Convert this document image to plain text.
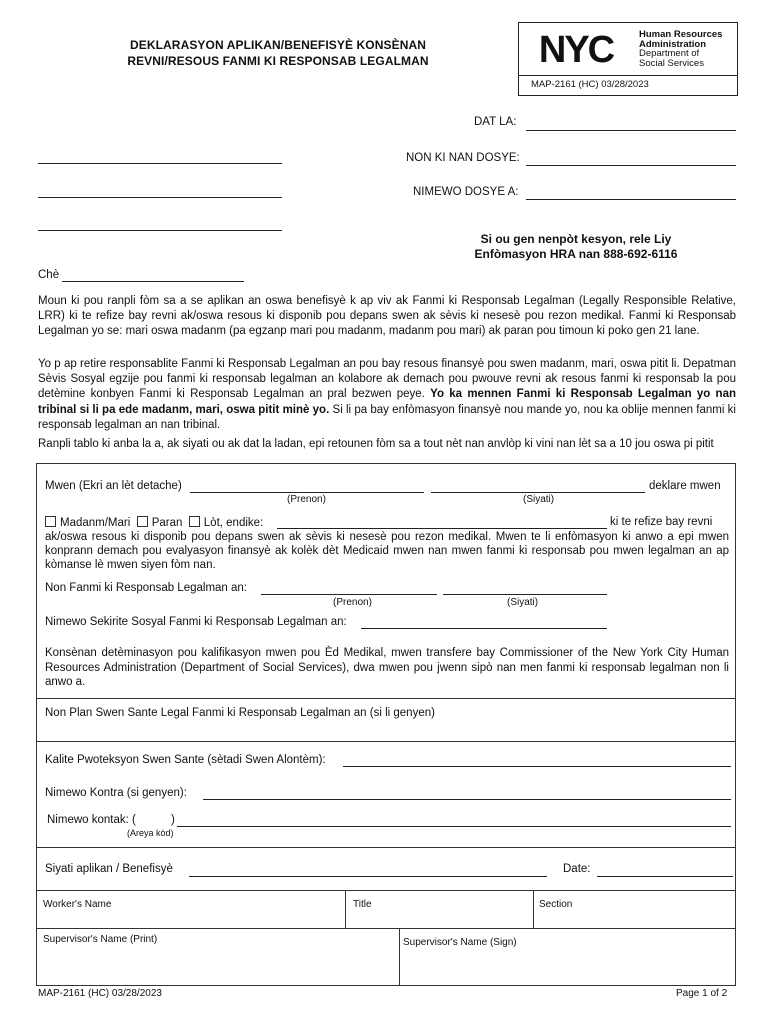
DEKLARASYON APLIKAN/BENEFISYÈ KONSÈNAN
REVNI/RESOUS FANMI KI RESPONSAB LEGALMAN	NYC	Human Resources
Administration
Department of
Social Services
MAP-2161 (HC) 03/28/2023
DAT LA:
NON KI NAN DOSYE:
NIMEWO DOSYE A:
Si ou gen nenpòt kesyon, rele Liy
Enfòmasyon HRA nan 888-692-6116
Chè
Moun ki pou ranpli fòm sa a se aplikan an oswa benefisyè k ap viv ak Fanmi ki Responsab Legalman (Legally Responsible Relative, LRR) ki te refize bay revni ak/oswa resous ki disponib pou depans swen ak sèvis ki nesesè pou rezon medikal. Fanmi ki Responsab Legalman yo se: mari oswa madanm (pa egzanp mari pou madanm, madanm pou mari) ak paran pou timoun ki poko gen 21 lane.
Yo p ap retire responsablite Fanmi ki Responsab Legalman an pou bay resous finansyè pou swen madanm, mari, oswa pitit li. Depatman Sèvis Sosyal egzije pou fanmi ki responsab legalman an kolabore ak demach pou pwouve revni ak resous fanmi ki responsab la pou detèmine konbyen Fanmi ki Responsab Legalman an pral bezwen peye. Yo ka mennen Fanmi ki Responsab Legalman yo nan tribinal si li pa ede madanm, mari, oswa pitit minè yo. Si li pa bay enfòmasyon finansyè nou mande yo, nou ka oblije mennen fanmi ki responsab legalman an nan tribinal.
Ranpli tablo ki anba la a, ak siyati ou ak dat la ladan, epi retounen fòm sa a tout nèt nan anvlòp ki vini nan lèt sa a 10 jou oswa pi pitit
Mwen (Ekri an lèt detache)	deklare mwen
(Prenon)	(Siyati)
Madanm/Mari Paran Lòt, endike:	ki te refize bay revni
ak/oswa resous ki disponib pou depans swen ak sèvis ki nesesè pou rezon medikal. Mwen te li enfòmasyon ki anwo a epi mwen konprann demach pou evalyasyon finansyè ak kolèk dèt Medicaid mwen nan mwen fanmi ki responsab pou mwen legalman an ap kòmanse lè mwen siyen fòm nan.
Non Fanmi ki Responsab Legalman an:
(Prenon)	(Siyati)
Nimewo Sekirite Sosyal Fanmi ki Responsab Legalman an:
Konsènan detèminasyon pou kalifikasyon mwen pou Èd Medikal, mwen transfere bay Commissioner of the New York City Human Resources Administration (Department of Social Services), dwa mwen pou jwenn sipò nan men fanmi ki responsab legalman non li anwo a.
Non Plan Swen Sante Legal Fanmi ki Responsab Legalman an (si li genyen)
Kalite Pwoteksyon Swen Sante (sètadi Swen Alontèm):
Nimewo Kontra (si genyen):
Nimewo kontak: (	)
(Areya kòd)
Siyati aplikan / Benefisyè	Date:
Worker's Name	Title	Section
Supervisor's Name (Print)	Supervisor's Name (Sign)
MAP-2161 (HC) 03/28/2023	Page 1 of 2
